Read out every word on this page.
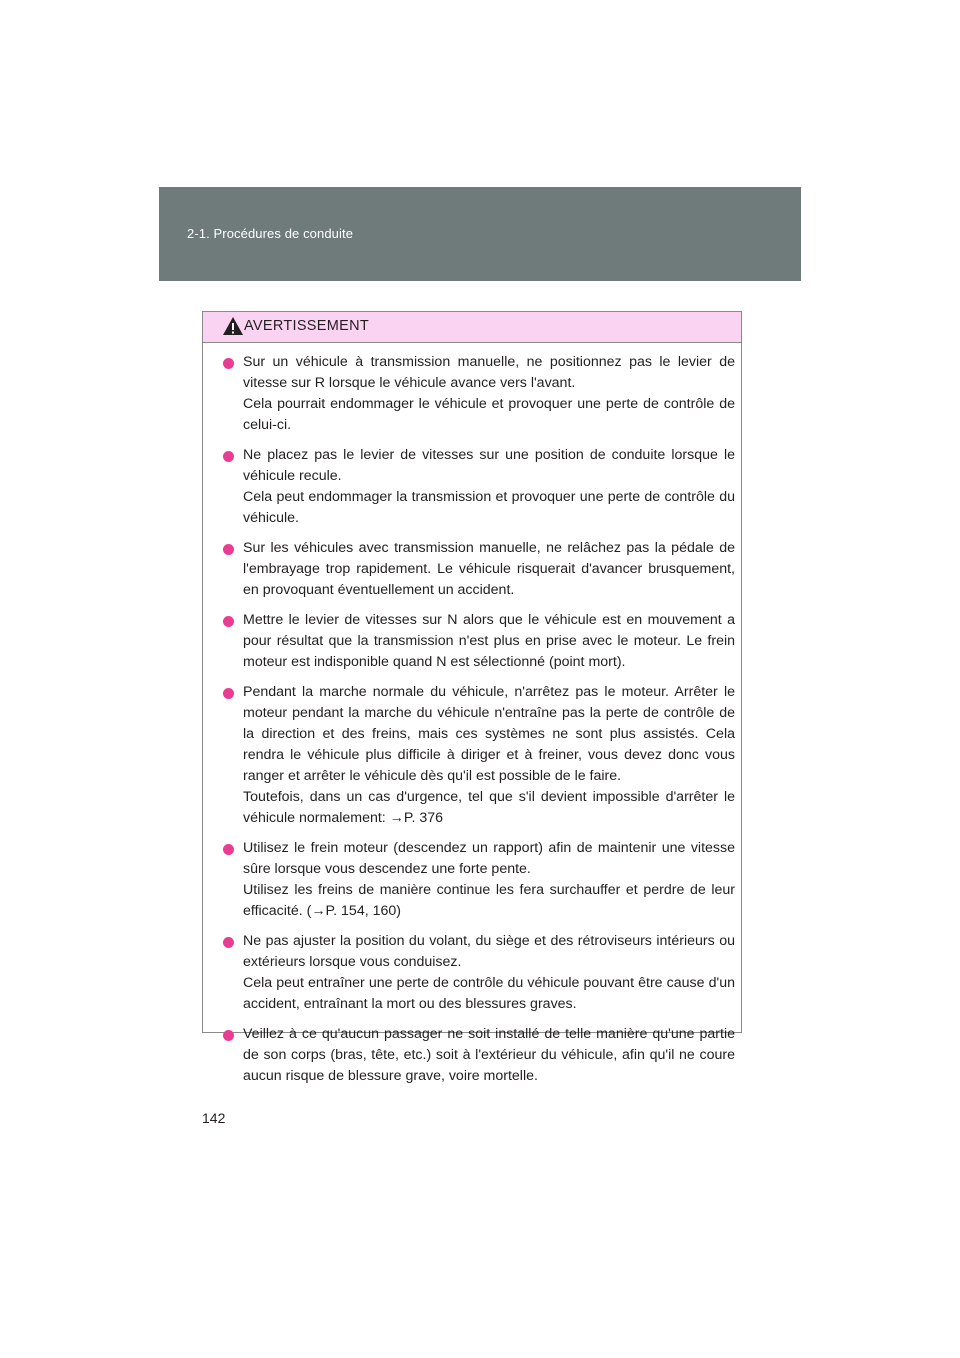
2-1. Procédures de conduite
AVERTISSEMENT

Sur un véhicule à transmission manuelle, ne positionnez pas le levier de vitesse sur R lorsque le véhicule avance vers l'avant.

Cela pourrait endommager le véhicule et provoquer une perte de contrôle de celui-ci.

Ne placez pas le levier de vitesses sur une position de conduite lorsque le véhicule recule.

Cela peut endommager la transmission et provoquer une perte de contrôle du véhicule.

Sur les véhicules avec transmission manuelle, ne relâchez pas la pédale de l'embrayage trop rapidement. Le véhicule risquerait d'avancer brusquement, en provoquant éventuellement un accident.

Mettre le levier de vitesses sur N alors que le véhicule est en mouvement a pour résultat que la transmission n'est plus en prise avec le moteur. Le frein moteur est indisponible quand N est sélectionné (point mort).

Pendant la marche normale du véhicule, n'arrêtez pas le moteur. Arrêter le moteur pendant la marche du véhicule n'entraîne pas la perte de contrôle de la direction et des freins, mais ces systèmes ne sont plus assistés. Cela rendra le véhicule plus difficile à diriger et à freiner, vous devez donc vous ranger et arrêter le véhicule dès qu'il est possible de le faire.

Toutefois, dans un cas d'urgence, tel que s'il devient impossible d'arrêter le véhicule normalement: →P. 376

Utilisez le frein moteur (descendez un rapport) afin de maintenir une vitesse sûre lorsque vous descendez une forte pente.

Utilisez les freins de manière continue les fera surchauffer et perdre de leur efficacité. (→P. 154, 160)

Ne pas ajuster la position du volant, du siège et des rétroviseurs intérieurs ou extérieurs lorsque vous conduisez.

Cela peut entraîner une perte de contrôle du véhicule pouvant être cause d'un accident, entraînant la mort ou des blessures graves.

Veillez à ce qu'aucun passager ne soit installé de telle manière qu'une partie de son corps (bras, tête, etc.) soit à l'extérieur du véhicule, afin qu'il ne coure aucun risque de blessure grave, voire mortelle.

142
